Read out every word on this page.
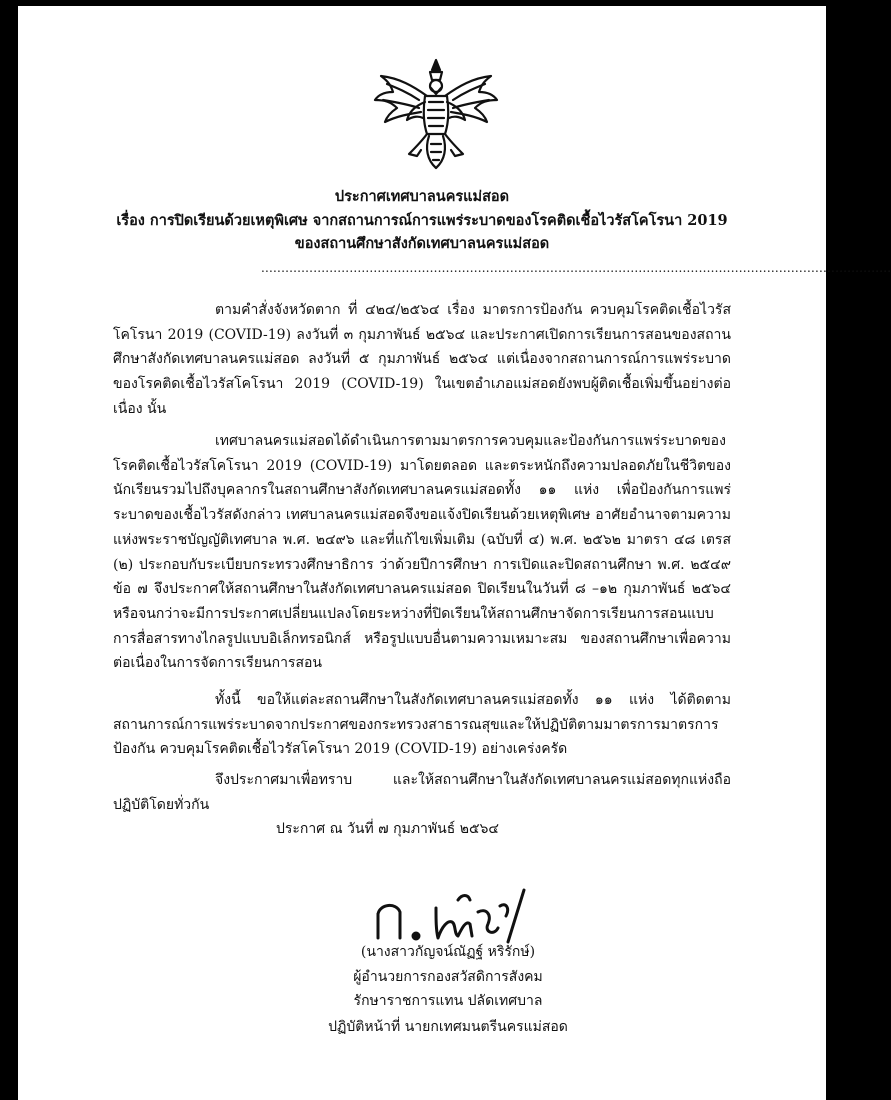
ประกาศเทศบาลนครแม่สอด
เรื่อง การปิดเรียนด้วยเหตุพิเศษ จากสถานการณ์การแพร่ระบาดของโรคติดเชื้อไวรัสโคโรนา 2019
ของสถานศึกษาสังกัดเทศบาลนครแม่สอด
.............................................................................................................................................................

ตามคำสั่งจังหวัดตาก ที่ ๔๒๔/๒๕๖๔ เรื่อง มาตรการป้องกัน ควบคุมโรคติดเชื้อไวรัสโคโรนา 2019 (COVID-19) ลงวันที่ ๓ กุมภาพันธ์ ๒๕๖๔ และประกาศเปิดการเรียนการสอนของสถานศึกษาสังกัดเทศบาลนครแม่สอด ลงวันที่ ๕ กุมภาพันธ์ ๒๕๖๔ แต่เนื่องจากสถานการณ์การแพร่ระบาดของโรคติดเชื้อไวรัสโคโรนา 2019 (COVID-19) ในเขตอำเภอแม่สอดยังพบผู้ติดเชื้อเพิ่มขึ้นอย่างต่อเนื่อง นั้น

เทศบาลนครแม่สอดได้ดำเนินการตามมาตรการควบคุมและป้องกันการแพร่ระบาดของโรคติดเชื้อไวรัสโคโรนา 2019 (COVID-19) มาโดยตลอด และตระหนักถึงความปลอดภัยในชีวิตของนักเรียนรวมไปถึงบุคลากรในสถานศึกษาสังกัดเทศบาลนครแม่สอดทั้ง ๑๑ แห่ง เพื่อป้องกันการแพร่ระบาดของเชื้อไวรัสดังกล่าว เทศบาลนครแม่สอดจึงขอแจ้งปิดเรียนด้วยเหตุพิเศษ อาศัยอำนาจตามความแห่งพระราชบัญญัติเทศบาล พ.ศ. ๒๔๙๖ และที่แก้ไขเพิ่มเติม (ฉบับที่ ๔) พ.ศ. ๒๕๖๒ มาตรา ๔๘ เตรส (๒) ประกอบกับระเบียบกระทรวงศึกษาธิการ ว่าด้วยปีการศึกษา การเปิดและปิดสถานศึกษา พ.ศ. ๒๕๔๙ ข้อ ๗ จึงประกาศให้สถานศึกษาในสังกัดเทศบาลนครแม่สอด ปิดเรียนในวันที่ ๘ –๑๒ กุมภาพันธ์ ๒๕๖๔ หรือจนกว่าจะมีการประกาศเปลี่ยนแปลงโดยระหว่างที่ปิดเรียนให้สถานศึกษาจัดการเรียนการสอนแบบการสื่อสารทางไกลรูปแบบอิเล็กทรอนิกส์ หรือรูปแบบอื่นตามความเหมาะสม ของสถานศึกษาเพื่อความต่อเนื่องในการจัดการเรียนการสอน

ทั้งนี้ ขอให้แต่ละสถานศึกษาในสังกัดเทศบาลนครแม่สอดทั้ง ๑๑ แห่ง ได้ติดตามสถานการณ์การแพร่ระบาดจากประกาศของกระทรวงสาธารณสุขและให้ปฏิบัติตามมาตรการมาตรการป้องกัน ควบคุมโรคติดเชื้อไวรัสโคโรนา 2019 (COVID-19) อย่างเคร่งครัด

จึงประกาศมาเพื่อทราบ และให้สถานศึกษาในสังกัดเทศบาลนครแม่สอดทุกแห่งถือปฏิบัติโดยทั่วกัน

ประกาศ ณ วันที่ ๗ กุมภาพันธ์ ๒๕๖๔
(นางสาวกัญจน์ณัฏฐ์ หริรักษ์)
ผู้อำนวยการกองสวัสดิการสังคม
รักษาราชการแทน ปลัดเทศบาล
ปฏิบัติหน้าที่ นายกเทศมนตรีนครแม่สอด
